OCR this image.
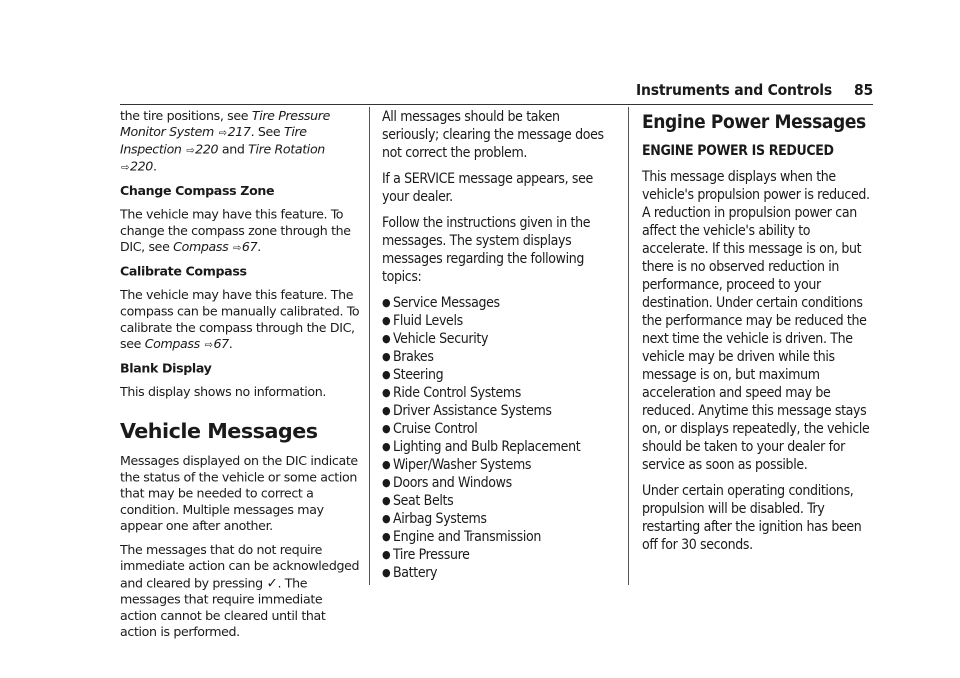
Instruments and Controls 85

the tire positions, see Tire Pressure Monitor System ⇨217. See Tire Inspection ⇨220 and Tire Rotation ⇨220.

Change Compass Zone

The vehicle may have this feature. To change the compass zone through the DIC, see Compass ⇨67.

Calibrate Compass

The vehicle may have this feature. The compass can be manually calibrated. To calibrate the compass through the DIC, see Compass ⇨67.

Blank Display

This display shows no information.

Vehicle Messages

Messages displayed on the DIC indicate the status of the vehicle or some action that may be needed to correct a condition. Multiple messages may appear one after another.

The messages that do not require immediate action can be acknowledged and cleared by pressing ✓. The messages that require immediate action cannot be cleared until that action is performed.

All messages should be taken seriously; clearing the message does not correct the problem.

If a SERVICE message appears, see your dealer.

Follow the instructions given in the messages. The system displays messages regarding the following topics:

● Service Messages
● Fluid Levels
● Vehicle Security
● Brakes
● Steering
● Ride Control Systems
● Driver Assistance Systems
● Cruise Control
● Lighting and Bulb Replacement
● Wiper/Washer Systems
● Doors and Windows
● Seat Belts
● Airbag Systems
● Engine and Transmission
● Tire Pressure
● Battery
Engine Power Messages
ENGINE POWER IS REDUCED

This message displays when the vehicle's propulsion power is reduced. A reduction in propulsion power can affect the vehicle's ability to accelerate. If this message is on, but there is no observed reduction in performance, proceed to your destination. Under certain conditions the performance may be reduced the next time the vehicle is driven. The vehicle may be driven while this message is on, but maximum acceleration and speed may be reduced. Anytime this message stays on, or displays repeatedly, the vehicle should be taken to your dealer for service as soon as possible.

Under certain operating conditions, propulsion will be disabled. Try restarting after the ignition has been off for 30 seconds.
